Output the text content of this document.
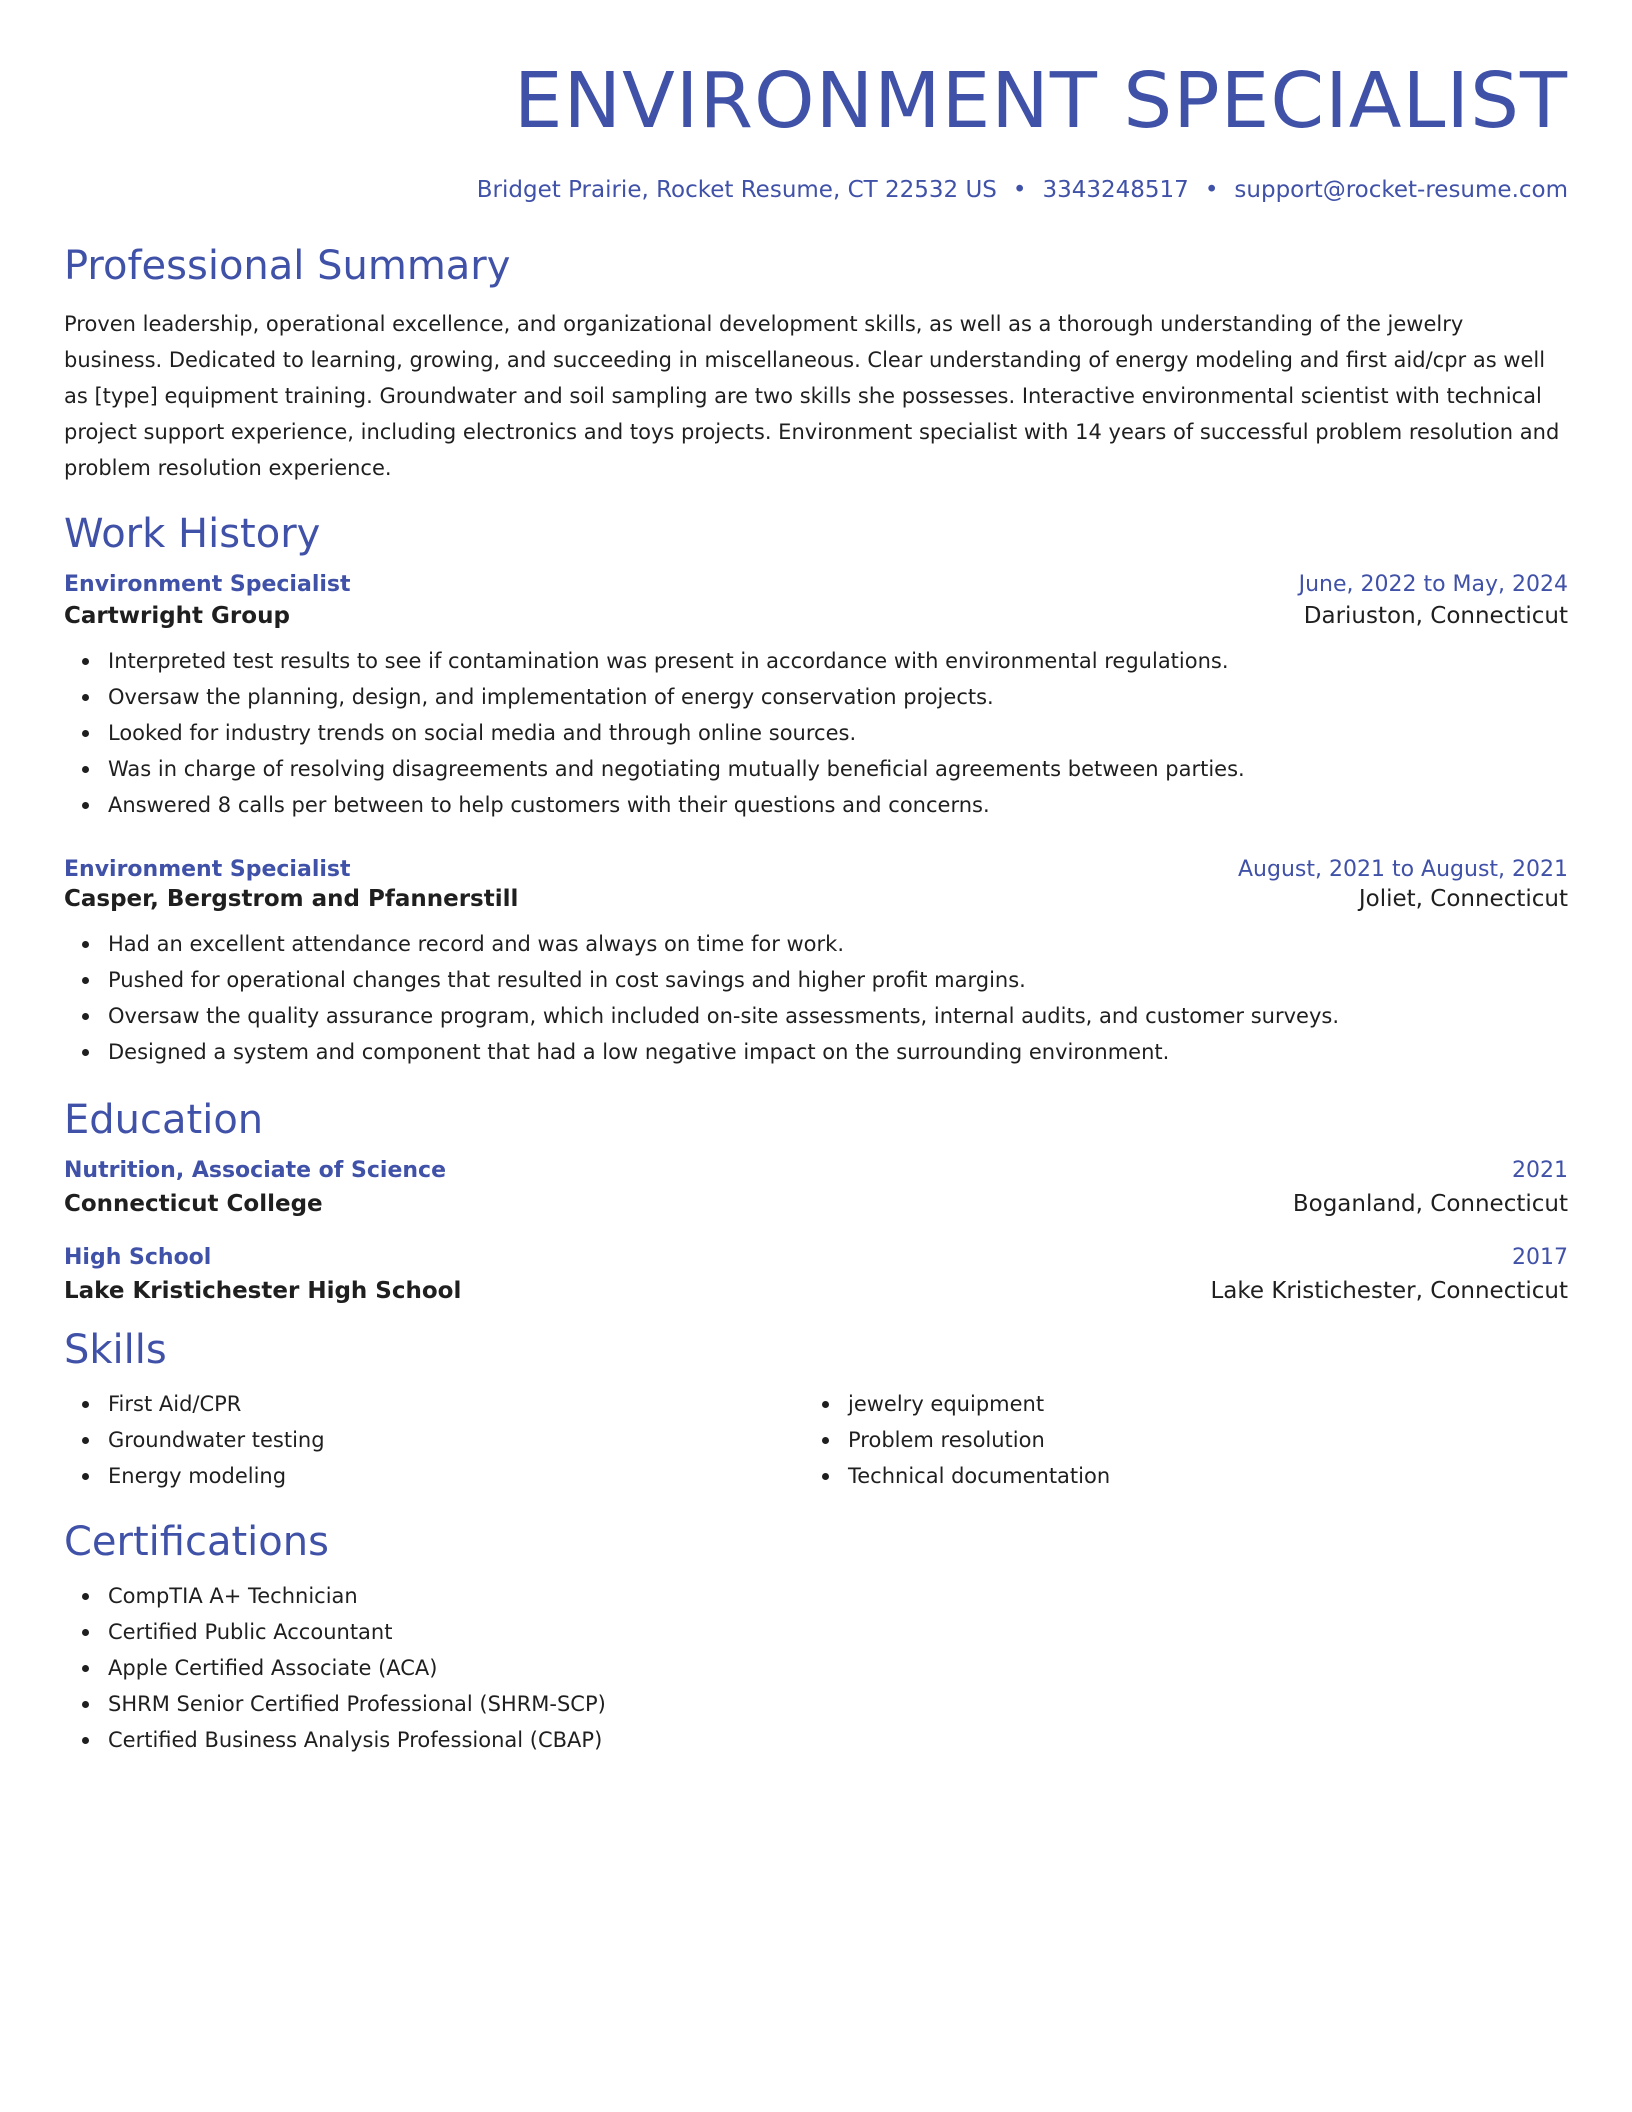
ENVIRONMENT SPECIALIST
Bridget Prairie, Rocket Resume, CT 22532 US • 3343248517 • support@rocket-resume.com
Professional Summary
Proven leadership, operational excellence, and organizational development skills, as well as a thorough understanding of the jewelry business. Dedicated to learning, growing, and succeeding in miscellaneous. Clear understanding of energy modeling and first aid/cpr as well as [type] equipment training. Groundwater and soil sampling are two skills she possesses. Interactive environmental scientist with technical project support experience, including electronics and toys projects. Environment specialist with 14 years of successful problem resolution and problem resolution experience.
Work History
Environment Specialist	June, 2022 to May, 2024
Cartwright Group	Dariuston, Connecticut
Interpreted test results to see if contamination was present in accordance with environmental regulations.
Oversaw the planning, design, and implementation of energy conservation projects.
Looked for industry trends on social media and through online sources.
Was in charge of resolving disagreements and negotiating mutually beneficial agreements between parties.
Answered 8 calls per between to help customers with their questions and concerns.
Environment Specialist	August, 2021 to August, 2021
Casper, Bergstrom and Pfannerstill	Joliet, Connecticut
Had an excellent attendance record and was always on time for work.
Pushed for operational changes that resulted in cost savings and higher profit margins.
Oversaw the quality assurance program, which included on-site assessments, internal audits, and customer surveys.
Designed a system and component that had a low negative impact on the surrounding environment.
Education
Nutrition, Associate of Science	2021
Connecticut College	Boganland, Connecticut
High School	2017
Lake Kristichester High School	Lake Kristichester, Connecticut
Skills
First Aid/CPR
Groundwater testing
Energy modeling
jewelry equipment
Problem resolution
Technical documentation
Certifications
CompTIA A+ Technician
Certified Public Accountant
Apple Certified Associate (ACA)
SHRM Senior Certified Professional (SHRM-SCP)
Certified Business Analysis Professional (CBAP)
